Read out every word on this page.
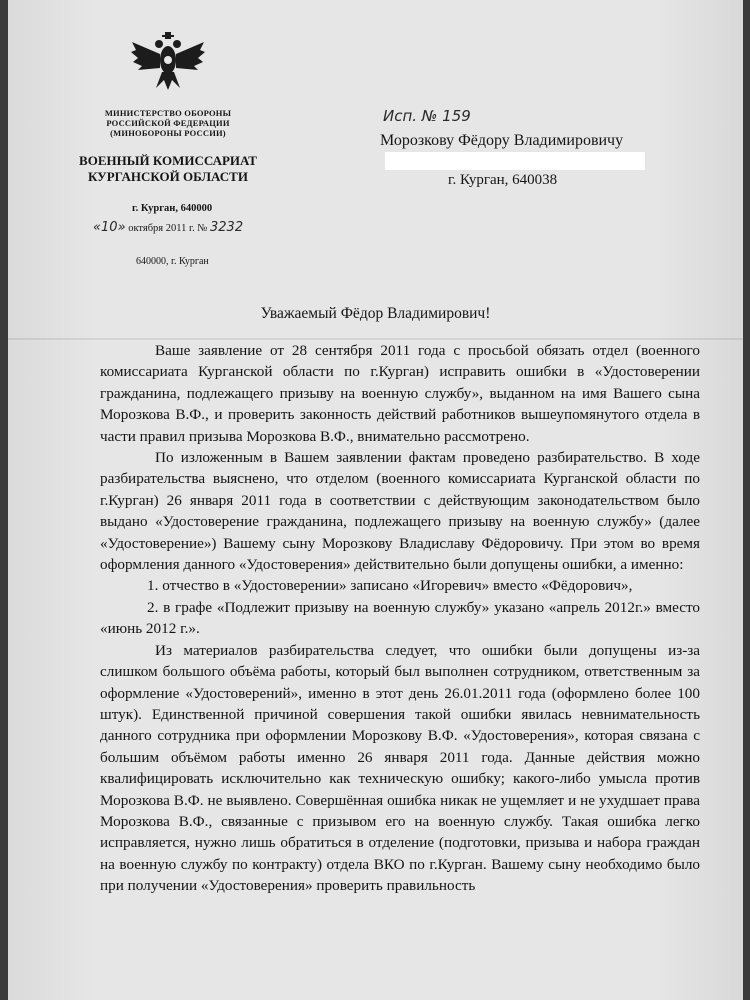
МИНИСТЕРСТВО ОБОРОНЫ
РОССИЙСКОЙ ФЕДЕРАЦИИ
(МИНОБОРОНЫ РОССИИ)
ВОЕННЫЙ КОМИССАРИАТ
КУРГАНСКОЙ ОБЛАСТИ
г. Курган, 640000
«10» октября 2011 г. № 3232
640000, г. Курган
Исп. № 159
Морозкову Фёдору Владимировичу
г. Курган, 640038
Уважаемый Фёдор Владимирович!

Ваше заявление от 28 сентября 2011 года с просьбой обязать отдел (военного комиссариата Курганской области по г.Курган) исправить ошибки в «Удостоверении гражданина, подлежащего призыву на военную службу», выданном на имя Вашего сына Морозкова В.Ф., и проверить законность действий работников вышеупомянутого отдела в части правил призыва Морозкова В.Ф., внимательно рассмотрено.

По изложенным в Вашем заявлении фактам проведено разбирательство. В ходе разбирательства выяснено, что отделом (военного комиссариата Курганской области по г.Курган) 26 января 2011 года в соответствии с действующим законодательством было выдано «Удостоверение гражданина, подлежащего призыву на военную службу» (далее «Удостоверение») Вашему сыну Морозкову Владиславу Фёдоровичу. При этом во время оформления данного «Удостоверения» действительно были допущены ошибки, а именно:

1. отчество в «Удостоверении» записано «Игоревич» вместо «Фёдорович»,

2. в графе «Подлежит призыву на военную службу» указано «апрель 2012г.» вместо «июнь 2012 г.».

Из материалов разбирательства следует, что ошибки были допущены из-за слишком большого объёма работы, который был выполнен сотрудником, ответственным за оформление «Удостоверений», именно в этот день 26.01.2011 года (оформлено более 100 штук). Единственной причиной совершения такой ошибки явилась невнимательность данного сотрудника при оформлении Морозкову В.Ф. «Удостоверения», которая связана с большим объёмом работы именно 26 января 2011 года. Данные действия можно квалифицировать исключительно как техническую ошибку; какого-либо умысла против Морозкова В.Ф. не выявлено. Совершённая ошибка никак не ущемляет и не ухудшает права Морозкова В.Ф., связанные с призывом его на военную службу. Такая ошибка легко исправляется, нужно лишь обратиться в отделение (подготовки, призыва и набора граждан на военную службу по контракту) отдела ВКО по г.Курган. Вашему сыну необходимо было при получении «Удостоверения» проверить правильность
